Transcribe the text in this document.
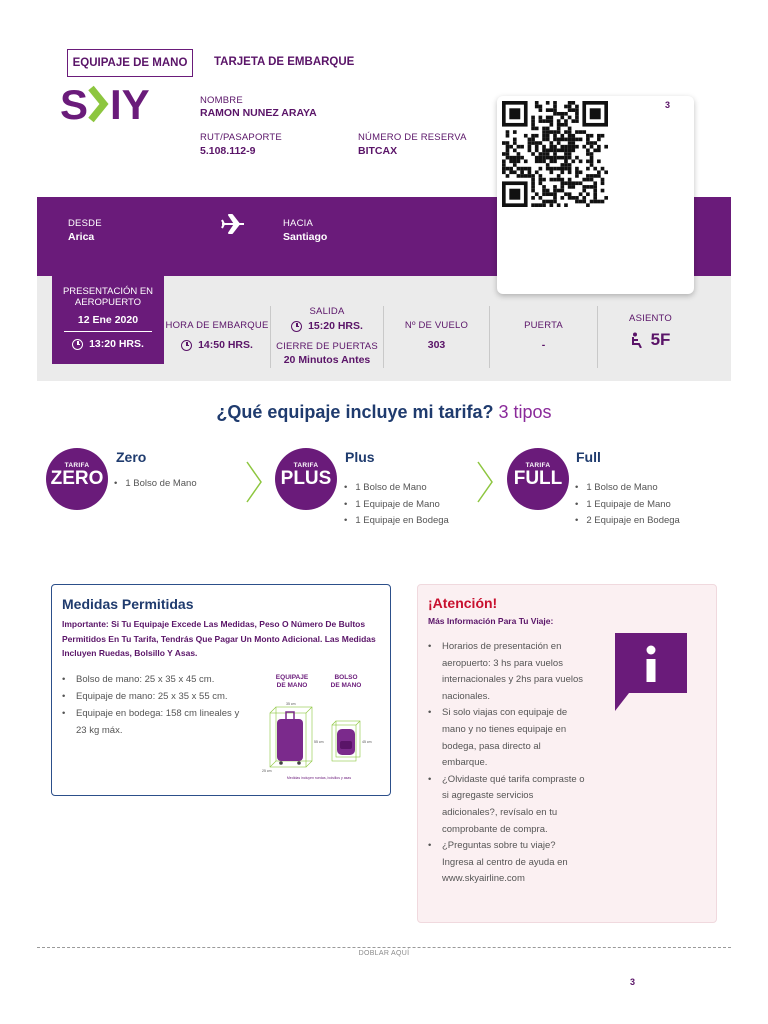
EQUIPAJE DE MANO	TARJETA DE EMBARQUE
S IY	NOMBRE
RAMON NUNEZ ARAYA
RUT/PASAPORTE
5.108.112-9
NÚMERO DE RESERVA
BITCAX
DESDE
Arica
HACIA
Santiago
3
PRESENTACIÓN EN AEROPUERTO
12 Ene 2020
13:20 HRS.
HORA DE EMBARQUE
14:50 HRS.
SALIDA
15:20 HRS.
CIERRE DE PUERTAS
20 Minutos Antes
Nº DE VUELO
303
PUERTA
-
ASIENTO
5F
¿Qué equipaje incluye mi tarifa? 3 tipos
TARIFA
ZERO
Zero
• 1 Bolso de Mano
TARIFA
PLUS
Plus
• 1 Bolso de Mano
• 1 Equipaje de Mano
• 1 Equipaje en Bodega
TARIFA
FULL
Full
• 1 Bolso de Mano
• 1 Equipaje de Mano
• 2 Equipaje en Bodega
Medidas Permitidas
Importante: Si Tu Equipaje Excede Las Medidas, Peso O Número De Bultos Permitidos En Tu Tarifa, Tendrás Que Pagar Un Monto Adicional. Las Medidas Incluyen Ruedas, Bolsillo Y Asas.
• Bolso de mano: 25 x 35 x 45 cm.
• Equipaje de mano: 25 x 35 x 55 cm.
• Equipaje en bodega: 158 cm lineales y 23 kg máx.
EQUIPAJE DE MANO
BOLSO DE MANO
35 cm
55 cm
25 cm
45 cm
Medidas incluyen ruedas, bolsillos y asas
¡Atención!
Más Información Para Tu Viaje:
• Horarios de presentación en aeropuerto: 3 hs para vuelos internacionales y 2hs para vuelos nacionales.
• Si solo viajas con equipaje de mano y no tienes equipaje en bodega, pasa directo al embarque.
• ¿Olvidaste qué tarifa compraste o si agregaste servicios adicionales?, revísalo en tu comprobante de compra.
• ¿Preguntas sobre tu viaje? Ingresa al centro de ayuda en www.skyairline.com
DOBLAR AQUÍ
3
